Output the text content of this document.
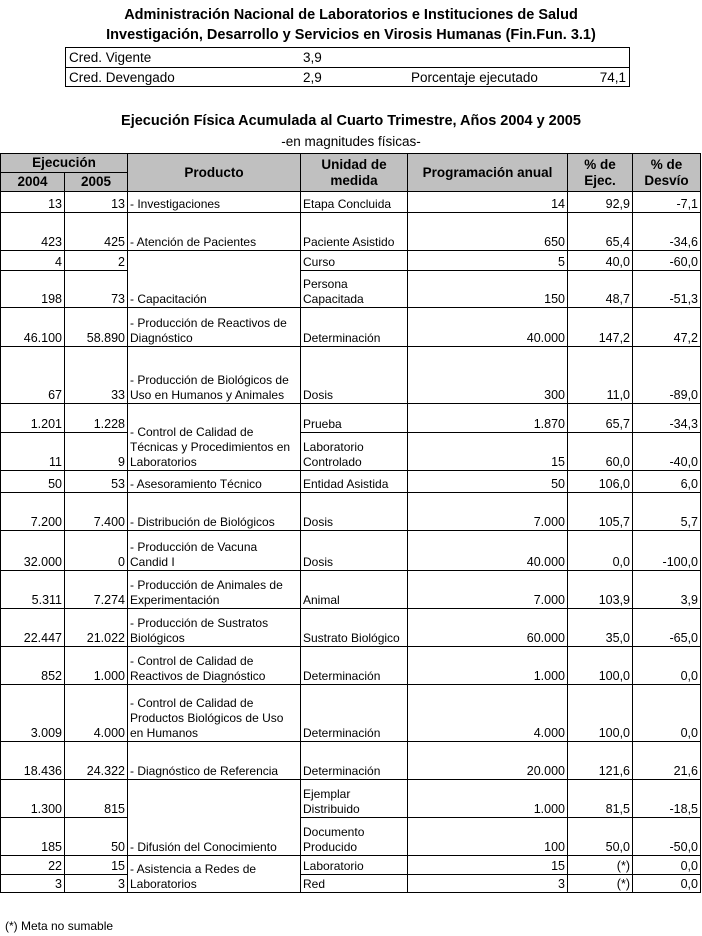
Administración Nacional de Laboratorios e Instituciones de Salud
Investigación, Desarrollo y Servicios en Virosis Humanas (Fin.Fun. 3.1)
Cred. Vigente	3,9
Cred. Devengado	2,9	Porcentaje ejecutado	74,1
Ejecución Física Acumulada al Cuarto Trimestre, Años 2004 y 2005
-en magnitudes físicas-
Ejecución		Producto	Unidad de medida	Programación anual	% de Ejec.	% de Desvío
2004	2005					
13	13	- Investigaciones	Etapa Concluida	14	92,9	-7,1
423	425	- Atención de Pacientes	Paciente Asistido	650	65,4	-34,6
4	2	- Capacitación	Curso	5	40,0	-60,0
198	73		Persona Capacitada	150	48,7	-51,3
46.100	58.890	- Producción de Reactivos de Diagnóstico	Determinación	40.000	147,2	47,2
67	33	- Producción de Biológicos de Uso en Humanos y Animales	Dosis	300	11,0	-89,0
1.201	1.228	- Control de Calidad de Técnicas y Procedimientos en Laboratorios	Prueba	1.870	65,7	-34,3
11	9		Laboratorio Controlado	15	60,0	-40,0
50	53	- Asesoramiento Técnico	Entidad Asistida	50	106,0	6,0
7.200	7.400	- Distribución de Biológicos	Dosis	7.000	105,7	5,7
32.000	0	- Producción de Vacuna Candid I	Dosis	40.000	0,0	-100,0
5.311	7.274	- Producción de Animales de Experimentación	Animal	7.000	103,9	3,9
22.447	21.022	- Producción de Sustratos Biológicos	Sustrato Biológico	60.000	35,0	-65,0
852	1.000	- Control de Calidad de Reactivos de Diagnóstico	Determinación	1.000	100,0	0,0
3.009	4.000	- Control de Calidad de Productos Biológicos de Uso en Humanos	Determinación	4.000	100,0	0,0
18.436	24.322	- Diagnóstico de Referencia	Determinación	20.000	121,6	21,6
1.300	815	- Difusión del Conocimiento	Ejemplar Distribuido	1.000	81,5	-18,5
185	50		Documento Producido	100	50,0	-50,0
22	15	- Asistencia a Redes de Laboratorios	Laboratorio	15	(*)	0,0
3	3		Red	3	(*)	0,0
(*) Meta no sumable
